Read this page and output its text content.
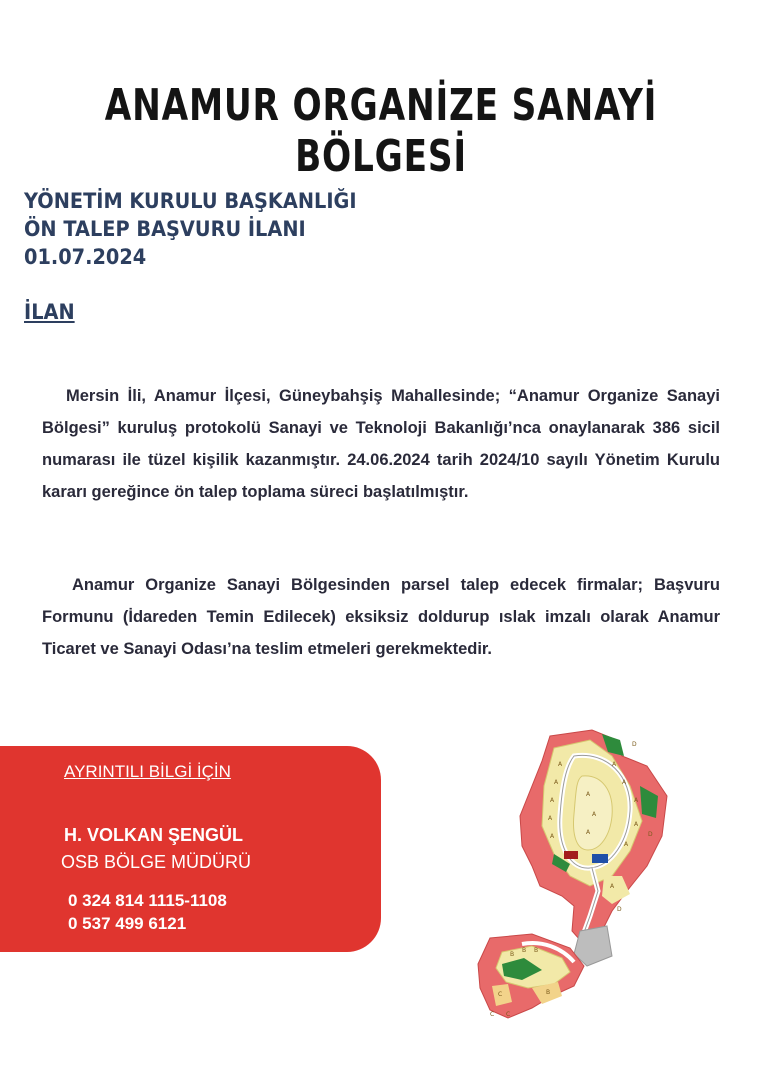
ANAMUR ORGANİZE SANAYİ BÖLGESİ
YÖNETİM KURULU BAŞKANLIĞI
ÖN TALEP BAŞVURU İLANI
01.07.2024
İLAN
Mersin İli, Anamur İlçesi, Güneybahşiş Mahallesinde; “Anamur Organize Sanayi Bölgesi” kuruluş protokolü Sanayi ve Teknoloji Bakanlığı’nca onaylanarak 386 sicil numarası ile tüzel kişilik kazanmıştır. 24.06.2024 tarih 2024/10 sayılı Yönetim Kurulu kararı gereğince ön talep toplama süreci başlatılmıştır.
Anamur Organize Sanayi Bölgesinden parsel talep edecek firmalar; Başvuru Formunu (İdareden Temin Edilecek) eksiksiz doldurup ıslak imzalı olarak Anamur Ticaret ve Sanayi Odası’na teslim etmeleri gerekmektedir.
AYRINTILI BİLGİ İÇİN
H. VOLKAN ŞENGÜL
OSB BÖLGE MÜDÜRÜ
0 324 814 1115-1108
0 537 499 6121
A
A
A
A
A
A
A
A
A
A
A
A
A	D
D
A
D
B
B B
C
C C
B
